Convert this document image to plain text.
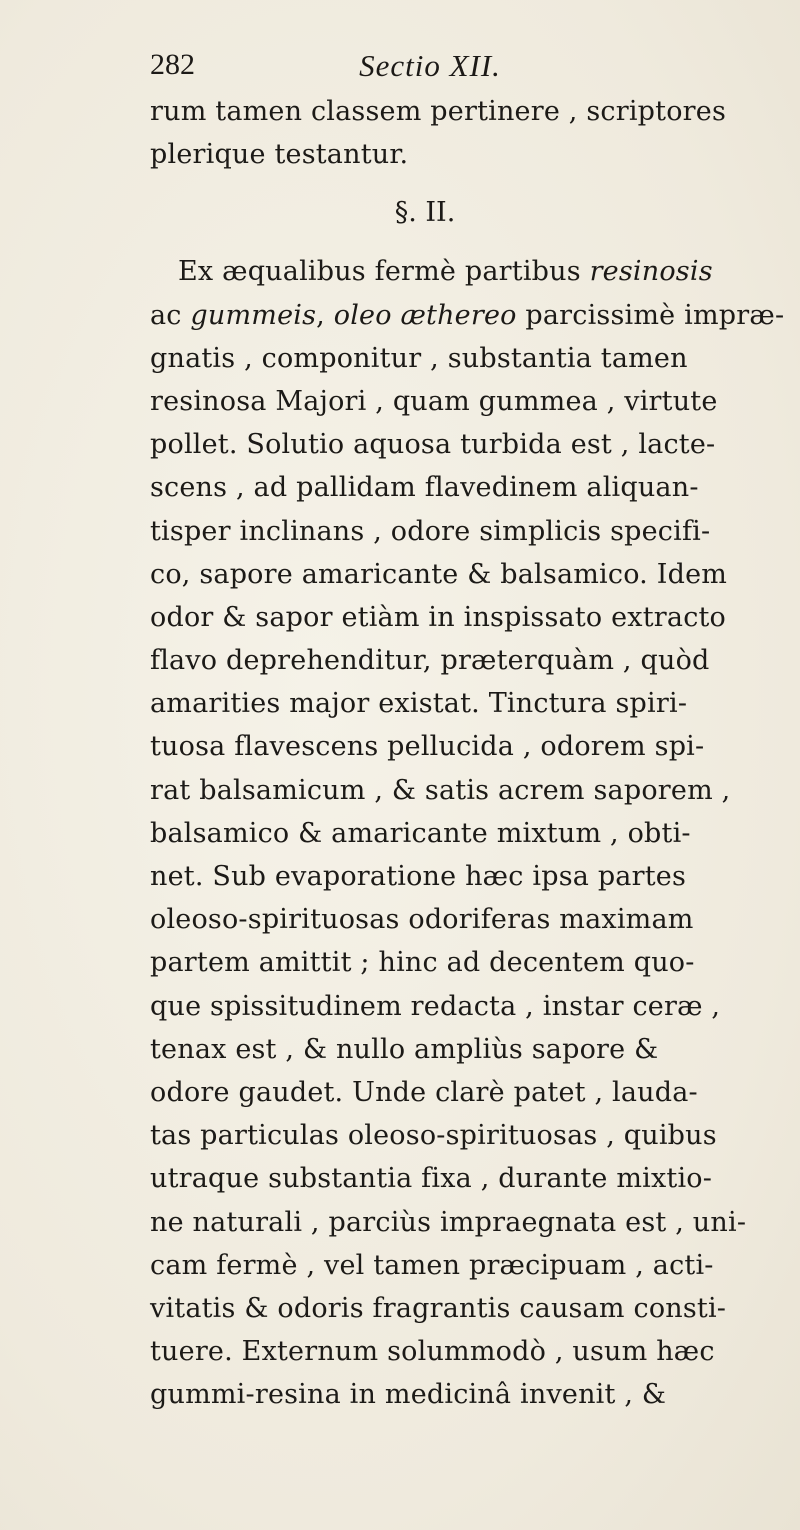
282	Sectio XII.
rum tamen classem pertinere , scriptores
plerique testantur.
§. II.
Ex æqualibus fermè partibus resinosis
ac gummeis, oleo æthereo parcissimè impræ-
gnatis , componitur , substantia tamen
resinosa Majori , quam gummea , virtute
pollet. Solutio aquosa turbida est , lacte-
scens , ad pallidam flavedinem aliquan-
tisper inclinans , odore simplicis specifi-
co, sapore amaricante & balsamico. Idem
odor & sapor etiàm in inspissato extracto
flavo deprehenditur, præterquàm , quòd
amarities major existat. Tinctura spiri-
tuosa flavescens pellucida , odorem spi-
rat balsamicum , & satis acrem saporem ,
balsamico & amaricante mixtum , obti-
net. Sub evaporatione hæc ipsa partes
oleoso-spirituosas odoriferas maximam
partem amittit ; hinc ad decentem quo-
que spissitudinem redacta , instar ceræ ,
tenax est , & nullo ampliùs sapore &
odore gaudet. Unde clarè patet , lauda-
tas particulas oleoso-spirituosas , quibus
utraque substantia fixa , durante mixtio-
ne naturali , parciùs impraegnata est , uni-
cam fermè , vel tamen præcipuam , acti-
vitatis & odoris fragrantis causam consti-
tuere. Externum solummodò , usum hæc
gummi-resina in medicinâ invenit , &
